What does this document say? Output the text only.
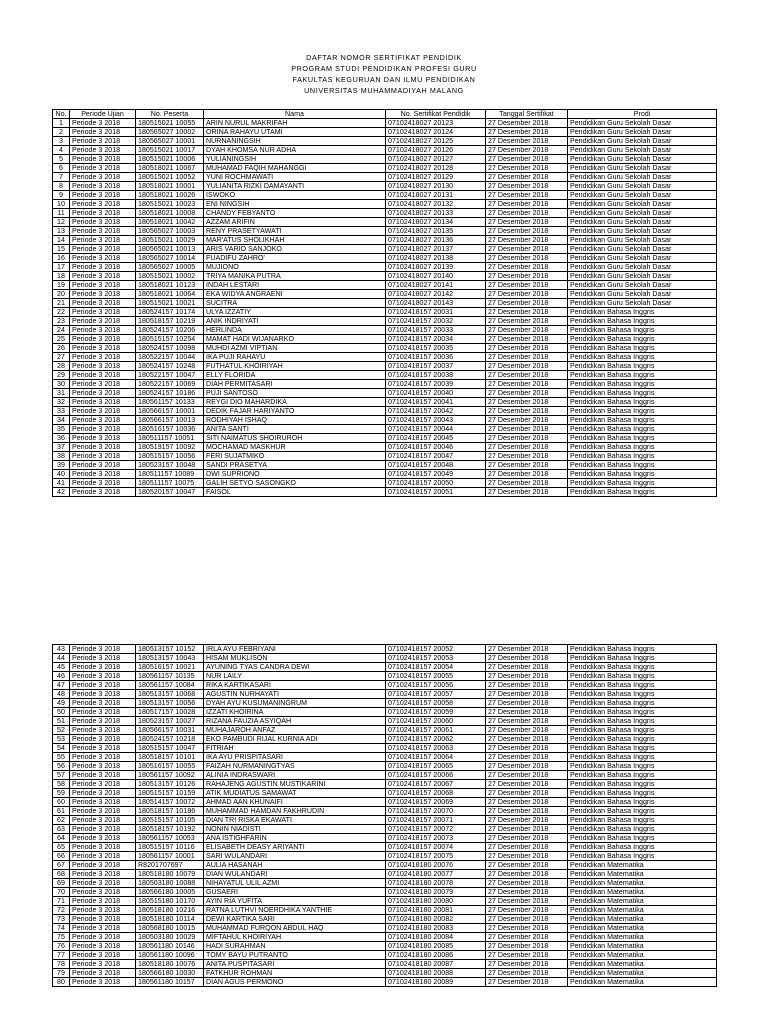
DAFTAR NOMOR SERTIFIKAT PENDIDIK
PROGRAM STUDI PENDIDIKAN PROFESI GURU
FAKULTAS KEGURUAN DAN ILMU PENDIDIKAN
UNIVERSITAS MUHAMMADIYAH MALANG
No.	Periode Ujian	No. Peserta	Nama	No. Sertifikat Pendidik	Tanggal Sertifikat	Prodi
1	Periode 3 2018	180515021 10055	ARIN NURUL MAKRIFAH	07102418027 20123	27 Desember 2018	Pendidikan Guru Sekolah Dasar
2	Periode 3 2018	180565027 10002	ORINA RAHAYU UTAMI	07102418027 20124	27 Desember 2018	Pendidikan Guru Sekolah Dasar
3	Periode 3 2018	180565027 10001	NURNANINGSIH	07102418027 20125	27 Desember 2018	Pendidikan Guru Sekolah Dasar
4	Periode 3 2018	180515021 10017	DYAH KHOMSA NUR ADHA	07102418027 20126	27 Desember 2018	Pendidikan Guru Sekolah Dasar
5	Periode 3 2018	180515021 10006	YULIANINGSIH	07102418027 20127	27 Desember 2018	Pendidikan Guru Sekolah Dasar
6	Periode 3 2018	180518021 10067	MUHAMAD FAQIH MAHANGGI	07102418027 20128	27 Desember 2018	Pendidikan Guru Sekolah Dasar
7	Periode 3 2018	180515021 10052	YUNI ROCHMAWATI	07102418027 20129	27 Desember 2018	Pendidikan Guru Sekolah Dasar
8	Periode 3 2018	180518021 10001	YULIANITA RIZKI DAMAYANTI	07102418027 20130	27 Desember 2018	Pendidikan Guru Sekolah Dasar
9	Periode 3 2018	180518021 10026	ISWOKO	07102418027 20131	27 Desember 2018	Pendidikan Guru Sekolah Dasar
10	Periode 3 2018	180515021 10023	ENI NINGSIH	07102418027 20132	27 Desember 2018	Pendidikan Guru Sekolah Dasar
11	Periode 3 2018	180518021 10008	CHANDY FEBYANTO	07102418027 20133	27 Desember 2018	Pendidikan Guru Sekolah Dasar
12	Periode 3 2018	180518021 10042	AZZAM ARIFIN	07102418027 20134	27 Desember 2018	Pendidikan Guru Sekolah Dasar
13	Periode 3 2018	180565027 10003	RENY PRASETYAWATI	07102418027 20135	27 Desember 2018	Pendidikan Guru Sekolah Dasar
14	Periode 3 2018	180515021 10029	MAR'ATUS SHOLIKHAH	07102418027 20136	27 Desember 2018	Pendidikan Guru Sekolah Dasar
15	Periode 3 2018	180565021 10013	ARIS VARIO SANJOKO	07102418027 20137	27 Desember 2018	Pendidikan Guru Sekolah Dasar
16	Periode 3 2018	180565027 10014	FUADIFU ZAHRO'	07102418027 20138	27 Desember 2018	Pendidikan Guru Sekolah Dasar
17	Periode 3 2018	180565027 10005	MUJIONO	07102418027 20139	27 Desember 2018	Pendidikan Guru Sekolah Dasar
18	Periode 3 2018	180515021 10002	TRIYA MANIKA PUTRA	07102418027 20140	27 Desember 2018	Pendidikan Guru Sekolah Dasar
19	Periode 3 2018	180518021 10123	INDAH LESTARI	07102418027 20141	27 Desember 2018	Pendidikan Guru Sekolah Dasar
20	Periode 3 2018	180518021 10064	EKA WIDYA ANGRAENI	07102418027 20142	27 Desember 2018	Pendidikan Guru Sekolah Dasar
21	Periode 3 2018	180515021 10021	SUCITRA	07102418027 20143	27 Desember 2018	Pendidikan Guru Sekolah Dasar
22	Periode 3 2018	180524157 10174	ULYA IZZATIY	07102418157 20031	27 Desember 2018	Pendidikan Bahasa Inggris
23	Periode 3 2018	180518157 10219	ANIK INDRIYATI	07102418157 20032	27 Desember 2018	Pendidikan Bahasa Inggris
24	Periode 3 2018	180524157 10206	HERLINDA	07102418157 20033	27 Desember 2018	Pendidikan Bahasa Inggris
25	Periode 3 2018	180515157 10254	MAMAT HADI WIJANARKO	07102418157 20034	27 Desember 2018	Pendidikan Bahasa Inggris
26	Periode 3 2018	180524157 10098	MUHDI AZMI VIPTIAN	07102418157 20035	27 Desember 2018	Pendidikan Bahasa Inggris
27	Periode 3 2018	180522157 10044	IKA PUJI RAHAYU	07102418157 20036	27 Desember 2018	Pendidikan Bahasa Inggris
28	Periode 3 2018	180524157 10248	FUTHATUL KHOIRIYAH	07102418157 20037	27 Desember 2018	Pendidikan Bahasa Inggris
29	Periode 3 2018	180522157 10047	ELLY FLORIDA	07102418157 20038	27 Desember 2018	Pendidikan Bahasa Inggris
30	Periode 3 2018	180522157 10069	DIAH PERMITASARI	07102418157 20039	27 Desember 2018	Pendidikan Bahasa Inggris
31	Periode 3 2018	180524157 10186	PUJI SANTOSO	07102418157 20040	27 Desember 2018	Pendidikan Bahasa Inggris
32	Periode 3 2018	180561157 10133	REYGI DIO MAHARDIKA	07102418157 20041	27 Desember 2018	Pendidikan Bahasa Inggris
33	Periode 3 2018	180566157 10001	DEDIK FAJAR HARIYANTO	07102418157 20042	27 Desember 2018	Pendidikan Bahasa Inggris
34	Periode 3 2018	180566157 10013	RODHIYAH ISHAQ	07102418157 20043	27 Desember 2018	Pendidikan Bahasa Inggris
35	Periode 3 2018	180516157 10036	ANITA SANTI	07102418157 20044	27 Desember 2018	Pendidikan Bahasa Inggris
36	Periode 3 2018	180511157 10051	SITI NAIMATUS SHOIRUROH	07102418157 20045	27 Desember 2018	Pendidikan Bahasa Inggris
37	Periode 3 2018	180519157 10092	MOCHAMAD MASKHUR	07102418157 20046	27 Desember 2018	Pendidikan Bahasa Inggris
38	Periode 3 2018	180515157 10056	FERI SUJATMIKO	07102418157 20047	27 Desember 2018	Pendidikan Bahasa Inggris
39	Periode 3 2018	180523157 10048	SANDI PRASETYA	07102418157 20048	27 Desember 2018	Pendidikan Bahasa Inggris
40	Periode 3 2018	180511157 10089	DWI SUPRIONO	07102418157 20049	27 Desember 2018	Pendidikan Bahasa Inggris
41	Periode 3 2018	180511157 10075	GALIH SETYO SASONGKO	07102418157 20050	27 Desember 2018	Pendidikan Bahasa Inggris
42	Periode 3 2018	180520157 10047	FAISOL	07102418157 20051	27 Desember 2018	Pendidikan Bahasa Inggris
43	Periode 3 2018	180513157 10152	IRLA AYU FEBRIYANI	07102418157 20052	27 Desember 2018	Pendidikan Bahasa Inggris
44	Periode 3 2018	180513157 10043	HISAM MUKLISON	07102418157 20053	27 Desember 2018	Pendidikan Bahasa Inggris
45	Periode 3 2018	180516157 10021	AYUNING TYAS CANDRA DEWI	07102418157 20054	27 Desember 2018	Pendidikan Bahasa Inggris
46	Periode 3 2018	180561157 10135	NUR LAILY	07102418157 20055	27 Desember 2018	Pendidikan Bahasa Inggris
47	Periode 3 2018	180561157 10084	RIKA KARTIKASARI	07102418157 20056	27 Desember 2018	Pendidikan Bahasa Inggris
48	Periode 3 2018	180513157 10068	AGUSTIN NURHAYATI	07102418157 20057	27 Desember 2018	Pendidikan Bahasa Inggris
49	Periode 3 2018	180513157 10056	DYAH AYU KUSUMANINGRUM	07102418157 20058	27 Desember 2018	Pendidikan Bahasa Inggris
50	Periode 3 2018	180517157 10028	IZZATI KHOIRINA	07102418157 20059	27 Desember 2018	Pendidikan Bahasa Inggris
51	Periode 3 2018	180523157 10027	RIZANA FAUZIA ASYIQAH	07102418157 20060	27 Desember 2018	Pendidikan Bahasa Inggris
52	Periode 3 2018	180566157 10031	MUHAJAROH ANFAZ	07102418157 20061	27 Desember 2018	Pendidikan Bahasa Inggris
53	Periode 3 2018	180524157 10218	EKO PAMBUDI RIJAL KURNIA ADI	07102418157 20062	27 Desember 2018	Pendidikan Bahasa Inggris
54	Periode 3 2018	180515157 10047	FITRIAH	07102418157 20063	27 Desember 2018	Pendidikan Bahasa Inggris
55	Periode 3 2018	180518157 10101	IKA AYU PRISPITASARI	07102418157 20064	27 Desember 2018	Pendidikan Bahasa Inggris
56	Periode 3 2018	180516157 10055	FAIZAH NURMANINGTYAS	07102418157 20065	27 Desember 2018	Pendidikan Bahasa Inggris
57	Periode 3 2018	180561157 10092	ALINIA INDRASWARI	07102418157 20066	27 Desember 2018	Pendidikan Bahasa Inggris
58	Periode 3 2018	180513157 10126	RAHAJENG AGUSTIN MUSTIKARINI	07102418157 20067	27 Desember 2018	Pendidikan Bahasa Inggris
59	Periode 3 2018	180515157 10159	ATIK MUDIATUS SAMAWAT	07102418157 20068	27 Desember 2018	Pendidikan Bahasa Inggris
60	Periode 3 2018	180514157 10072	AHMAD AAN KHUNAIFI	07102418157 20069	27 Desember 2018	Pendidikan Bahasa Inggris
61	Periode 3 2018	180518157 10186	MUHAMMAD HAMDAN FAKHRUDIN	07102418157 20070	27 Desember 2018	Pendidikan Bahasa Inggris
62	Periode 3 2018	180515157 10105	DIAN TRI RISKA EKAWATI	07102418157 20071	27 Desember 2018	Pendidikan Bahasa Inggris
63	Periode 3 2018	180518157 10192	NONIN NIADISTI	07102418157 20072	27 Desember 2018	Pendidikan Bahasa Inggris
64	Periode 3 2018	180561157 10053	ANA ISTIGHFARIN	07102418157 20073	27 Desember 2018	Pendidikan Bahasa Inggris
65	Periode 3 2018	180515157 10116	ELISABETH DEASY ARIYANTI	07102418157 20074	27 Desember 2018	Pendidikan Bahasa Inggris
66	Periode 3 2018	180561157 10001	SARI WULANDARI	07102418157 20075	27 Desember 2018	Pendidikan Bahasa Inggris
67	Periode 3 2018	R8201707697	AULIA HASANAH	07102418180 20076	27 Desember 2018	Pendidikan Matematika
68	Periode 3 2018	180518180 10079	DIAN WULANDARI	07102418180 20077	27 Desember 2018	Pendidikan Matematika
69	Periode 3 2018	180503180 10088	NIHAYATUL ULIL AZMI	07102418180 20078	27 Desember 2018	Pendidikan Matematika
70	Periode 3 2018	180566180 10005	GUSAERI	07102418180 20079	27 Desember 2018	Pendidikan Matematika
71	Periode 3 2018	180515180 10170	AYIN RIA YUFITA	07102418180 20080	27 Desember 2018	Pendidikan Matematika
72	Periode 3 2018	180518180 10216	RATNA LUTHVI NOERDHIKA YANTHIE	07102418180 20081	27 Desember 2018	Pendidikan Matematika
73	Periode 3 2018	180518180 10114	DEWI KARTIKA SARI	07102418180 20082	27 Desember 2018	Pendidikan Matematika
74	Periode 3 2018	180568180 10015	MUHAMMAD FURQON ABDUL HAQ	07102418180 20083	27 Desember 2018	Pendidikan Matematika
75	Periode 3 2018	180503180 10029	MIFTAHUL KHOIRIYAH	07102418180 20084	27 Desember 2018	Pendidikan Matematika
76	Periode 3 2018	180561180 10146	HADI SURAHMAN	07102418180 20085	27 Desember 2018	Pendidikan Matematika
77	Periode 3 2018	180561180 10096	TOMY BAYU PUTRANTO	07102418180 20086	27 Desember 2018	Pendidikan Matematika
78	Periode 3 2018	180518180 10076	ANITA PUSPITASARI	07102418180 20087	27 Desember 2018	Pendidikan Matematika
79	Periode 3 2018	180566180 10030	FATKHUR ROHMAN	07102418180 20088	27 Desember 2018	Pendidikan Matematika
80	Periode 3 2018	180561180 10157	DIAN AGUS PERMONO	07102418180 20089	27 Desember 2018	Pendidikan Matematika
